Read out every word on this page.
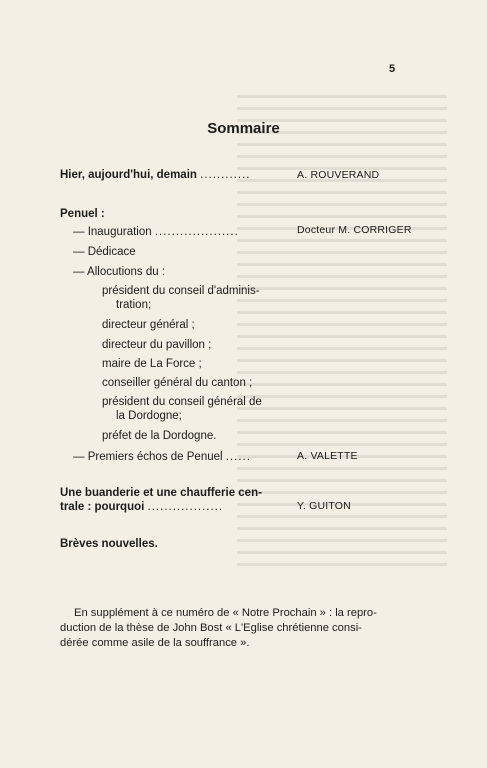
5
Sommaire
Hier, aujourd'hui, demain ............	A. ROUVERAND
Penuel :
— Inauguration ....................	Docteur M. CORRIGER
— Dédicace
— Allocutions du :
président du conseil d'adminis-
tration;
directeur général ;
directeur du pavillon ;
maire de La Force ;
conseiller général du canton ;
président du conseil général de
la Dordogne;
préfet de la Dordogne.
— Premiers échos de Penuel ......	A. VALETTE
Une buanderie et une chaufferie cen-
trale : pourquoi ..................	Y. GUITON
Brèves nouvelles.
En supplément à ce numéro de « Notre Prochain » : la repro-
duction de la thèse de John Bost « L'Eglise chrétienne consi-
dérée comme asile de la souffrance ».
